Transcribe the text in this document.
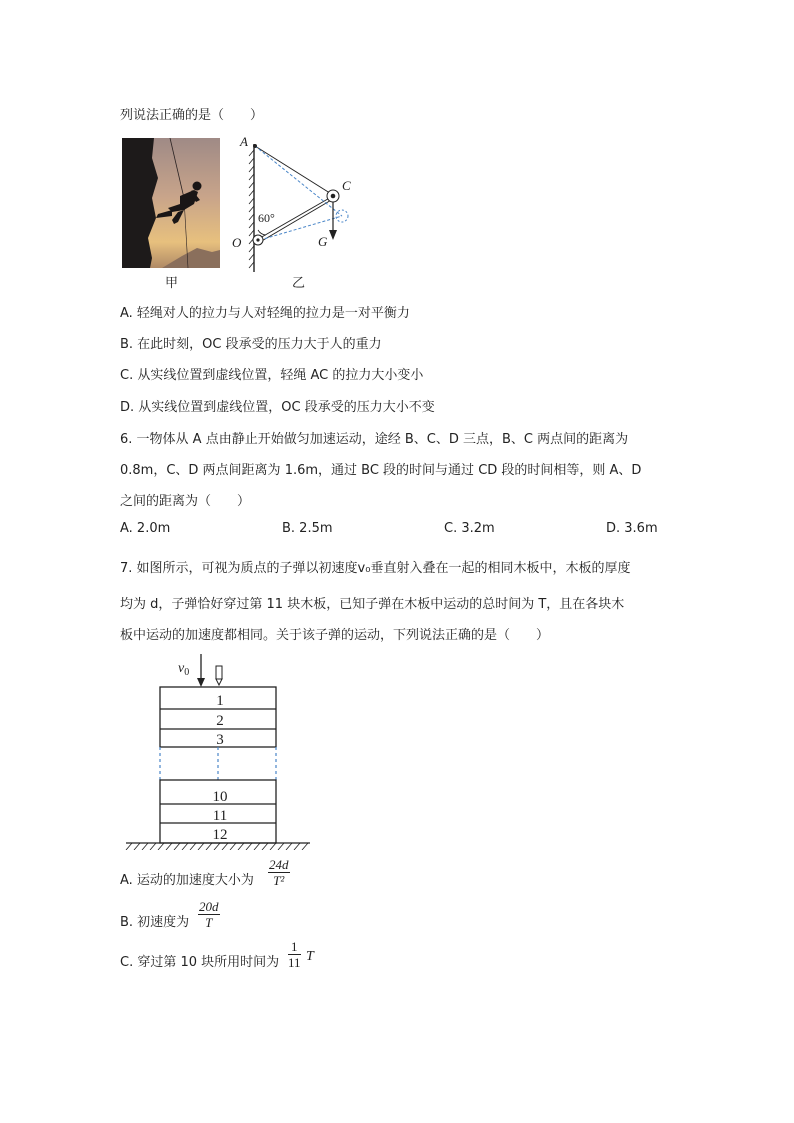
列说法正确的是（　　）
甲
A
C
O	G
60°
乙
A. 轻绳对人的拉力与人对轻绳的拉力是一对平衡力
B. 在此时刻，OC 段承受的压力大于人的重力
C. 从实线位置到虚线位置，轻绳 AC 的拉力大小变小
D. 从实线位置到虚线位置，OC 段承受的压力大小不变
6. 一物体从 A 点由静止开始做匀加速运动，途经 B、C、D 三点，B、C 两点间的距离为
0.8m，C、D 两点间距离为 1.6m，通过 BC 段的时间与通过 CD 段的时间相等，则 A、D
之间的距离为（　　）
A. 2.0m	B. 2.5m	C. 3.2m	D. 3.6m
7. 如图所示，可视为质点的子弹以初速度v₀垂直射入叠在一起的相同木板中，木板的厚度
均为 d，子弹恰好穿过第 11 块木板，已知子弹在木板中运动的总时间为 T，且在各块木
板中运动的加速度都相同。关于该子弹的运动，下列说法正确的是（　　）
$v_0$
1
2
3
10
11
12
A. 运动的加速度大小为 $\frac{24d}{\text{T²}}$
B. 初速度为 $\frac{20d}{T}$
C. 穿过第 10 块所用时间为 $\frac{1}{11}$ T
